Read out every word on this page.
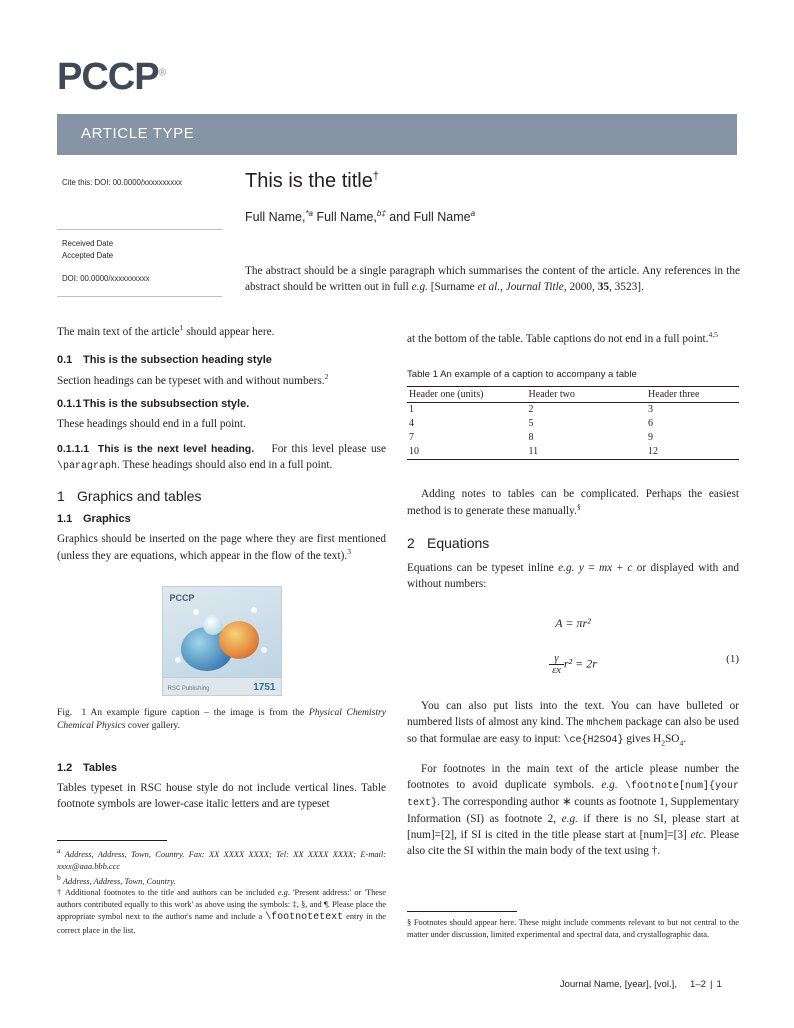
PCCP®
ARTICLE TYPE
Cite this: DOI: 00.0000/xxxxxxxxxx
Received Date
Accepted Date
DOI: 00.0000/xxxxxxxxxx
This is the title†
Full Name,$^{*a}$ Full Name,$^{b\ddagger}$ and Full Name$^a$
The abstract should be a single paragraph which summarises the content of the article. Any references in the abstract should be written out in full e.g. [Surname et al., Journal Title, 2000, 35, 3523].

The main text of the article$^1$ should appear here.

0.1 This is the subsection heading style

Section headings can be typeset with and without numbers.$^2$

0.1.1 This is the subsubsection style.

These headings should end in a full point.

0.1.1.1 This is the next level heading. For this level please use \paragraph. These headings should also end in a full point.

1 Graphics and tables
1.1 Graphics

Graphics should be inserted on the page where they are first mentioned (unless they are equations, which appear in the flow of the text).$^3$

PCCP
RSC Publishing	1751
Fig.  1 An example figure caption – the image is from the Physical Chemistry Chemical Physics cover gallery.
1.2 Tables

Tables typeset in RSC house style do not include vertical lines. Table footnote symbols are lower-case italic letters and are typeset

at the bottom of the table. Table captions do not end in a full point.$^{4,5}$

Table 1 An example of a caption to accompany a table
Header one (units)	Header two	Header three
1	2	3
4	5	6
7	8	9
10	11	12

Adding notes to tables can be complicated. Perhaps the easiest method is to generate these manually.§

2 Equations

Equations can be typeset inline e.g. y = mx + c or displayed with and without numbers:

A = πr²
$\frac{\gamma}{\varepsilon x} r^2 = 2r$	(1)

You can also put lists into the text. You can have bulleted or numbered lists of almost any kind. The mhchem package can also be used so that formulae are easy to input: \ce{H2SO4} gives $H_2SO_4$.

For footnotes in the main text of the article please number the footnotes to avoid duplicate symbols. e.g. \footnote[num]{your text}. The corresponding author ∗ counts as footnote 1, Supplementary Information (SI) as footnote 2, e.g. if there is no SI, please start at [num]=[2], if SI is cited in the title please start at [num]=[3] etc. Please also cite the SI within the main body of the text using †.

$^a$ Address, Address, Town, Country. Fax: XX XXXX XXXX; Tel: XX XXXX XXXX; E-mail: xxxx@aaa.bbb.ccc
$^b$ Address, Address, Town, Country.
† Additional footnotes to the title and authors can be included e.g. 'Present address:' or 'These authors contributed equally to this work' as above using the symbols: ‡, §, and ¶. Please place the appropriate symbol next to the author's name and include a \footnotetext entry in the correct place in the list.
§ Footnotes should appear here. These might include comments relevant to but not central to the matter under discussion, limited experimental and spectral data, and crystallographic data.
Journal Name, [year], [vol.], 1–2 | 1
